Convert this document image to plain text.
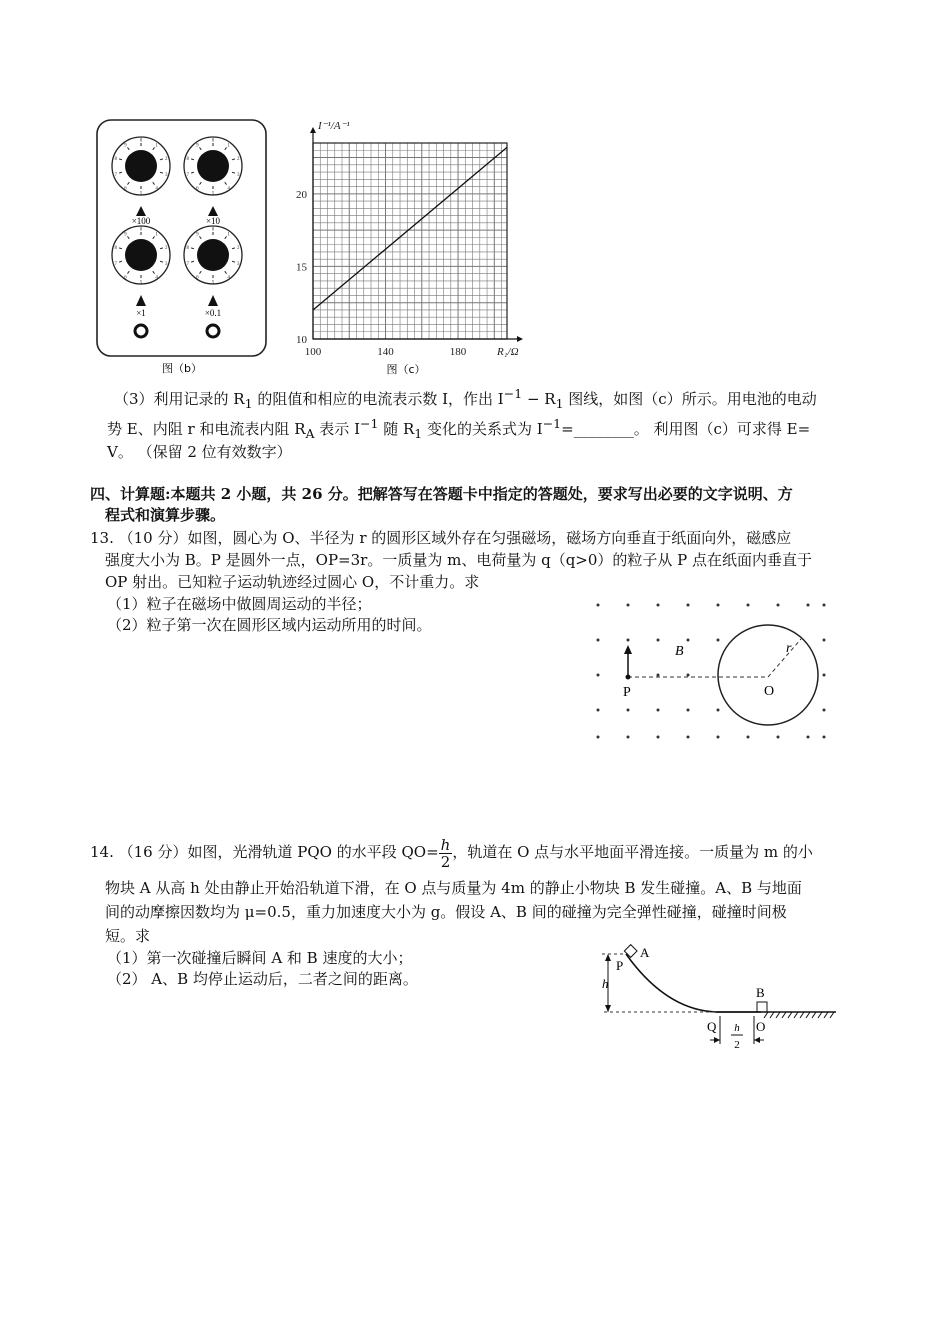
0
1
2
3
4
5
6
7
8
9
0
1
2
3
4
5
6
7
8
9
0
1
2
3
4
5
6
7
8
9
0
1
2
3
4
5
6
7
8
9
×100	×10
×1	×0.1
图（b）
100	140	180
10
15
20
I⁻¹/A⁻¹
R₁/Ω
图（c）
（3）利用记录的 $R_1$ 的阻值和相应的电流表示数 I，作出 $I^{-1} - R_1$ 图线，如图（c）所示。用电池的电动
势 E、内阻 r 和电流表内阻 $R_A$ 表示 $I^{-1}$ 随 $R_1$ 变化的关系式为 $I^{-1}=\_\_\_\_\_\_\_\_$。 利用图（c）可求得 E=
V。 （保留 2 位有效数字）
四、计算题:本题共 2 小题，共 26 分。把解答写在答题卡中指定的答题处，要求写出必要的文字说明、方
程式和演算步骤。
13. （10 分）如图，圆心为 O、半径为 r 的圆形区域外存在匀强磁场，磁场方向垂直于纸面向外，磁感应
强度大小为 B。P 是圆外一点，OP=3r。一质量为 m、电荷量为 q（q>0）的粒子从 P 点在纸面内垂直于
OP 射出。已知粒子运动轨迹经过圆心 O，不计重力。求
（1）粒子在磁场中做圆周运动的半径；
（2）粒子第一次在圆形区域内运动所用的时间。
B	r
P	O
14. （16 分）如图，光滑轨道 PQO 的水平段 $QO= \frac{h}{2}$ ，轨道在 O 点与水平地面平滑连接。一质量为 m 的小
物块 A 从高 h 处由静止开始沿轨道下滑，在 O 点与质量为 4m 的静止小物块 B 发生碰撞。A、B 与地面
间的动摩擦因数均为 μ=0.5，重力加速度大小为 g。假设 A、B 间的碰撞为完全弹性碰撞，碰撞时间极
短。求
（1）第一次碰撞后瞬间 A 和 B 速度的大小；
（2） A、B 均停止运动后，二者之间的距离。	h
A
P
B
Q	O
h
2
